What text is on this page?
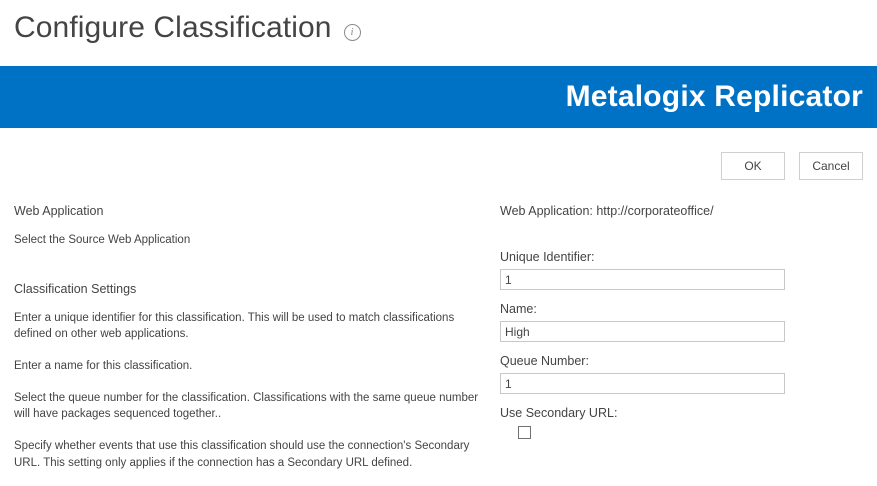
Configure Classification	i
Metalogix Replicator
OK	Cancel
Web Application
Select the Source Web Application
Classification Settings
Enter a unique identifier for this classification. This will be used to match classifications defined on other web applications.
Enter a name for this classification.
Select the queue number for the classification. Classifications with the same queue number will have packages sequenced together..
Specify whether events that use this classification should use the connection's Secondary URL. This setting only applies if the connection has a Secondary URL defined.
Web Application: http://corporateoffice/
Unique Identifier:
1
Name:
High
Queue Number:
1
Use Secondary URL:
